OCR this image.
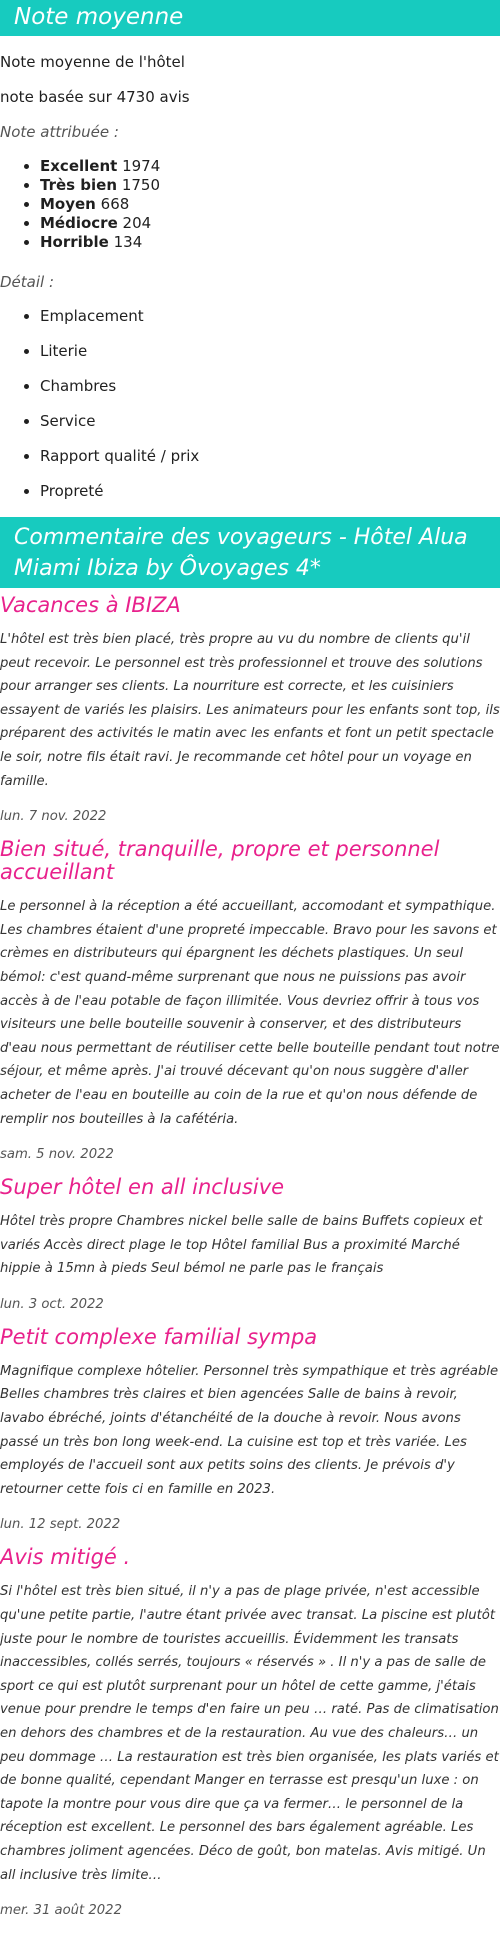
Note moyenne

Note moyenne de l'hôtel

note basée sur 4730 avis

Note attribuée :

• Excellent 1974
• Très bien 1750
• Moyen 668
• Médiocre 204
• Horrible 134

Détail :

• Emplacement
• Literie
• Chambres
• Service
• Rapport qualité / prix
• Propreté
Commentaire des voyageurs - Hôtel Alua Miami Ibiza by Ôvoyages 4*
Vacances à IBIZA

L'hôtel est très bien placé, très propre au vu du nombre de clients qu'il peut recevoir. Le personnel est très professionnel et trouve des solutions pour arranger ses clients. La nourriture est correcte, et les cuisiniers essayent de variés les plaisirs. Les animateurs pour les enfants sont top, ils préparent des activités le matin avec les enfants et font un petit spectacle le soir, notre fils était ravi. Je recommande cet hôtel pour un voyage en famille.

lun. 7 nov. 2022

Bien situé, tranquille, propre et personnel accueillant

Le personnel à la réception a été accueillant, accomodant et sympathique. Les chambres étaient d'une propreté impeccable. Bravo pour les savons et crèmes en distributeurs qui épargnent les déchets plastiques. Un seul bémol: c'est quand-même surprenant que nous ne puissions pas avoir accès à de l'eau potable de façon illimitée. Vous devriez offrir à tous vos visiteurs une belle bouteille souvenir à conserver, et des distributeurs d'eau nous permettant de réutiliser cette belle bouteille pendant tout notre séjour, et même après. J'ai trouvé décevant qu'on nous suggère d'aller acheter de l'eau en bouteille au coin de la rue et qu'on nous défende de remplir nos bouteilles à la cafétéria.

sam. 5 nov. 2022

Super hôtel en all inclusive

Hôtel très propre Chambres nickel belle salle de bains Buffets copieux et variés Accès direct plage le top Hôtel familial Bus a proximité Marché hippie à 15mn à pieds Seul bémol ne parle pas le français

lun. 3 oct. 2022

Petit complexe familial sympa

Magnifique complexe hôtelier. Personnel très sympathique et très agréable Belles chambres très claires et bien agencées Salle de bains à revoir, lavabo ébréché, joints d'étanchéité de la douche à revoir. Nous avons passé un très bon long week-end. La cuisine est top et très variée. Les employés de l'accueil sont aux petits soins des clients. Je prévois d'y retourner cette fois ci en famille en 2023.

lun. 12 sept. 2022

Avis mitigé .

Si l'hôtel est très bien situé, il n'y a pas de plage privée, n'est accessible qu'une petite partie, l'autre étant privée avec transat. La piscine est plutôt juste pour le nombre de touristes accueillis. Évidemment les transats inaccessibles, collés serrés, toujours « réservés » . Il n'y a pas de salle de sport ce qui est plutôt surprenant pour un hôtel de cette gamme, j'étais venue pour prendre le temps d'en faire un peu … raté. Pas de climatisation en dehors des chambres et de la restauration. Au vue des chaleurs… un peu dommage … La restauration est très bien organisée, les plats variés et de bonne qualité, cependant Manger en terrasse est presqu'un luxe : on tapote la montre pour vous dire que ça va fermer… le personnel de la réception est excellent. Le personnel des bars également agréable. Les chambres joliment agencées. Déco de goût, bon matelas. Avis mitigé. Un all inclusive très limite…

mer. 31 août 2022
